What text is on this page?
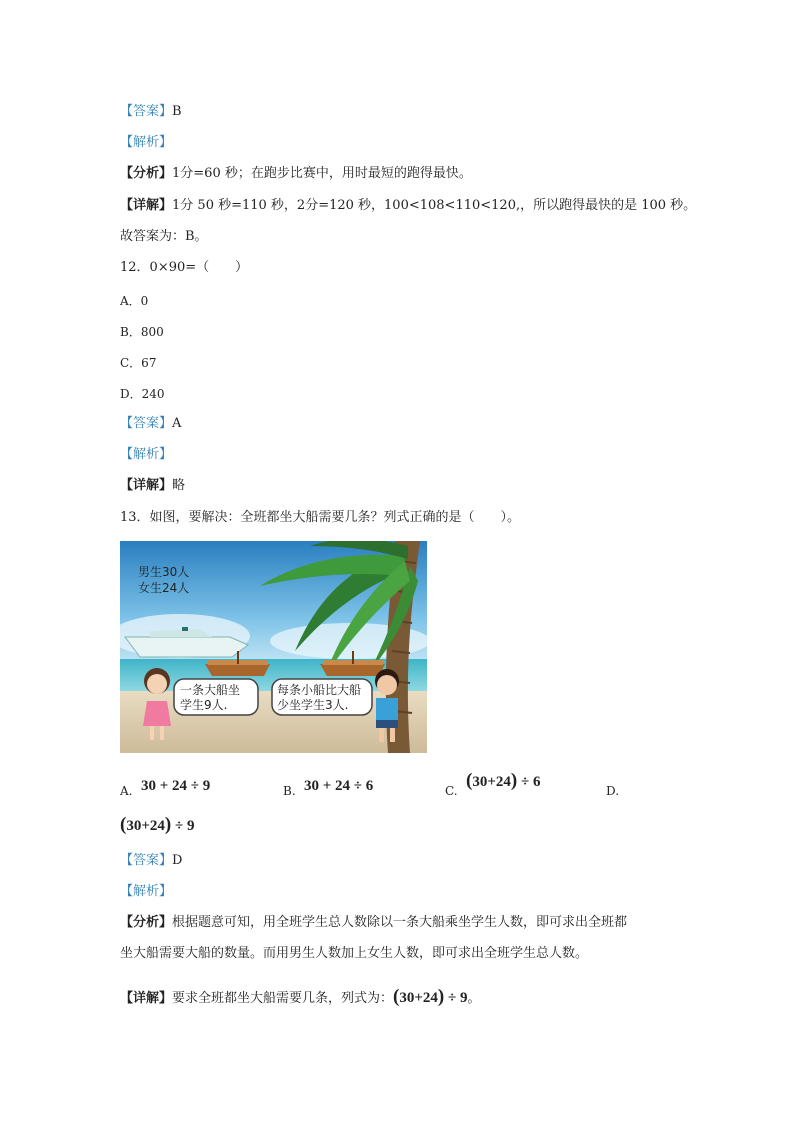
【答案】B
【解析】
【分析】1分=60 秒；在跑步比赛中，用时最短的跑得最快。
【详解】1分 50 秒=110 秒，2分=120 秒，100<108<110<120,，所以跑得最快的是 100 秒。
故答案为：B。
12．0×90=（　　）
A．0
B．800
C．67
D．240
【答案】A
【解析】
【详解】略
13．如图，要解决：全班都坐大船需要几条？列式正确的是（　　）。
男生30人
女生24人
一条大船坐
学生9人.
每条小船比大船
少坐学生3人.
A. 30 + 24 ÷ 9	B. 30 + 24 ÷ 6	C. (30+24) ÷ 6
D.
(30+24) ÷ 9
【答案】D
【解析】
【分析】根据题意可知，用全班学生总人数除以一条大船乘坐学生人数，即可求出全班都
坐大船需要大船的数量。而用男生人数加上女生人数，即可求出全班学生总人数。
【详解】要求全班都坐大船需要几条，列式为：(30+24) ÷ 9。
